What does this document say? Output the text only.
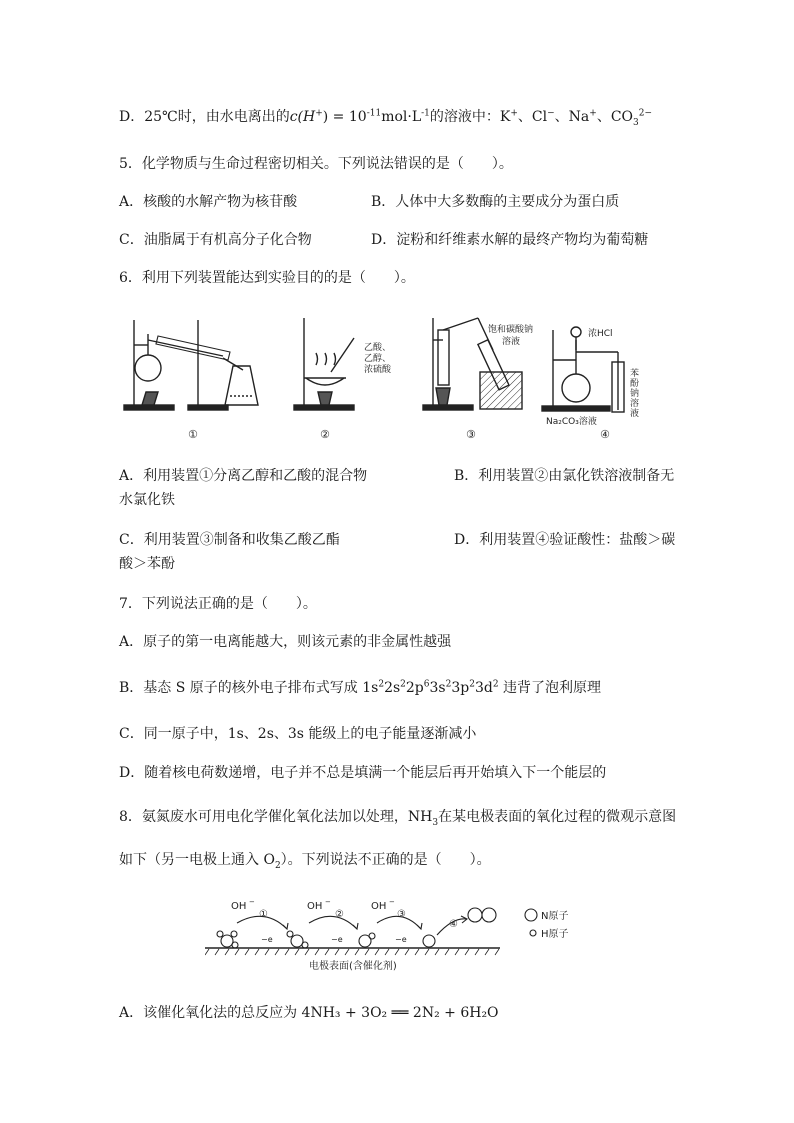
D．25℃时，由水电离出的$c(H^+) = 10^{-11}mol\cdot L^{-1}$的溶液中：K+、Cl−、Na+、$CO_3^{2-}$
5．化学物质与生命过程密切相关。下列说法错误的是（　　）。
A．核酸的水解产物为核苷酸	B．人体中大多数酶的主要成分为蛋白质
C．油脂属于有机高分子化合物	D．淀粉和纤维素水解的最终产物均为葡萄糖
6．利用下列装置能达到实验目的的是（　　）。
乙酸、
乙醇、
浓硫酸
饱和碳酸钠
溶液
浓HCl
Na₂CO₃溶液
苯
酚
钠
溶
液
①	②	③	④
A．利用装置①分离乙醇和乙酸的混合物	B．利用装置②由氯化铁溶液制备无
水氯化铁
C．利用装置③制备和收集乙酸乙酯	D．利用装置④验证酸性：盐酸＞碳
酸＞苯酚
7．下列说法正确的是（　　）。
A．原子的第一电离能越大，则该元素的非金属性越强
B．基态 S 原子的核外电子排布式写成 $1s^22s^22p^63s^23p^23d^2$ 违背了泡利原理
C．同一原子中，1s、2s、3s 能级上的电子能量逐渐减小
D．随着核电荷数递增，电子并不总是填满一个能层后再开始填入下一个能层的
8．氨氮废水可用电化学催化氧化法加以处理，$NH_3$在某电极表面的氧化过程的微观示意图
如下（另一电极上通入 $O_2$）。下列说法不正确的是（　　）。
OH −	OH −	OH −
①	②	③
④
−e	−e	−e
N原子
H原子
电极表面(含催化剂)
A．该催化氧化法的总反应为 4NH₃ + 3O₂ ══ 2N₂ + 6H₂O
